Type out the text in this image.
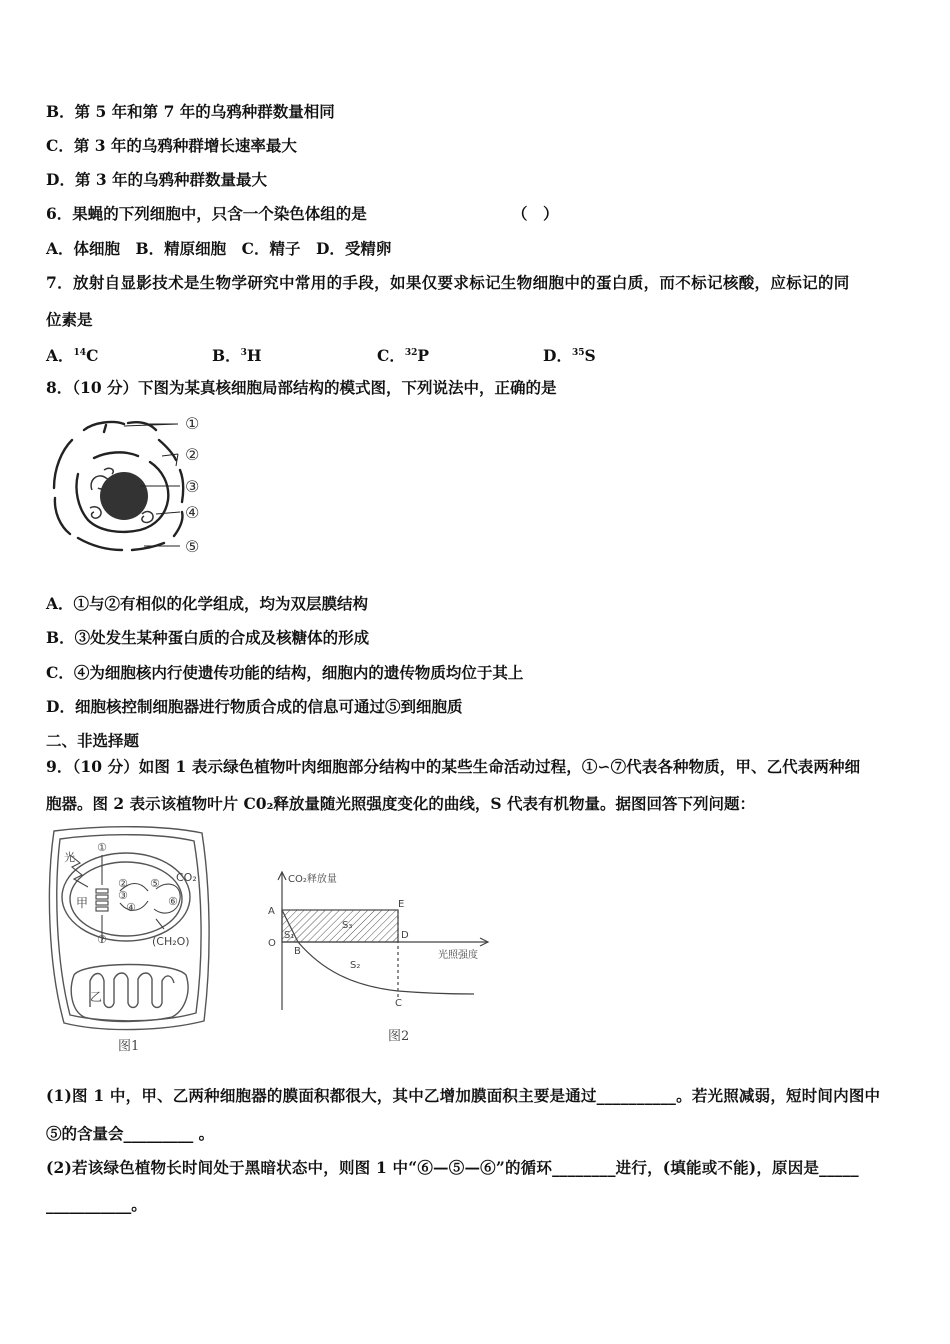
B．第 5 年和第 7 年的乌鸦种群数量相同
C．第 3 年的乌鸦种群增长速率最大
D．第 3 年的乌鸦种群数量最大
6．果蝇的下列细胞中，只含一个染色体组的是	（　）
A．体细胞　B．精原细胞　C．精子　D．受精卵
7．放射自显影技术是生物学研究中常用的手段，如果仅要求标记生物细胞中的蛋白质，而不标记核酸，应标记的同
位素是
A．$^{14}$C	B．$^3$H	C．$^{32}$P	D．$^{35}$S
8．（10 分）下图为某真核细胞局部结构的模式图，下列说法中，正确的是
①
②
③
④
⑤
A．①与②有相似的化学组成，均为双层膜结构
B．③处发生某种蛋白质的合成及核糖体的形成
C．④为细胞核内行使遗传功能的结构，细胞内的遗传物质均位于其上
D．细胞核控制细胞器进行物质合成的信息可通过⑤到细胞质
二、非选择题
9．（10 分）如图 1 表示绿色植物叶肉细胞部分结构中的某些生命活动过程，①∽⑦代表各种物质，甲、乙代表两种细
胞器。图 2 表示该植物叶片 C0₂释放量随光照强度变化的曲线，S 代表有机物量。据图回答下列问题：
光
①
②
③
④
⑤
⑥
⑦
CO₂
(CH₂O)
甲
乙
图1
CO₂释放量
光照强度
A
O
B
C
D
E
S₁
S₂
S₃
图2
(1)图 1 中，甲、乙两种细胞器的膜面积都很大，其中乙增加膜面积主要是通过__________。若光照减弱，短时间内图中
⑤的含量会_________ 。
(2)若该绿色植物长时间处于黑暗状态中，则图 1 中“⑥—⑤—⑥”的循环________进行，(填能或不能)，原因是_____
___________。
